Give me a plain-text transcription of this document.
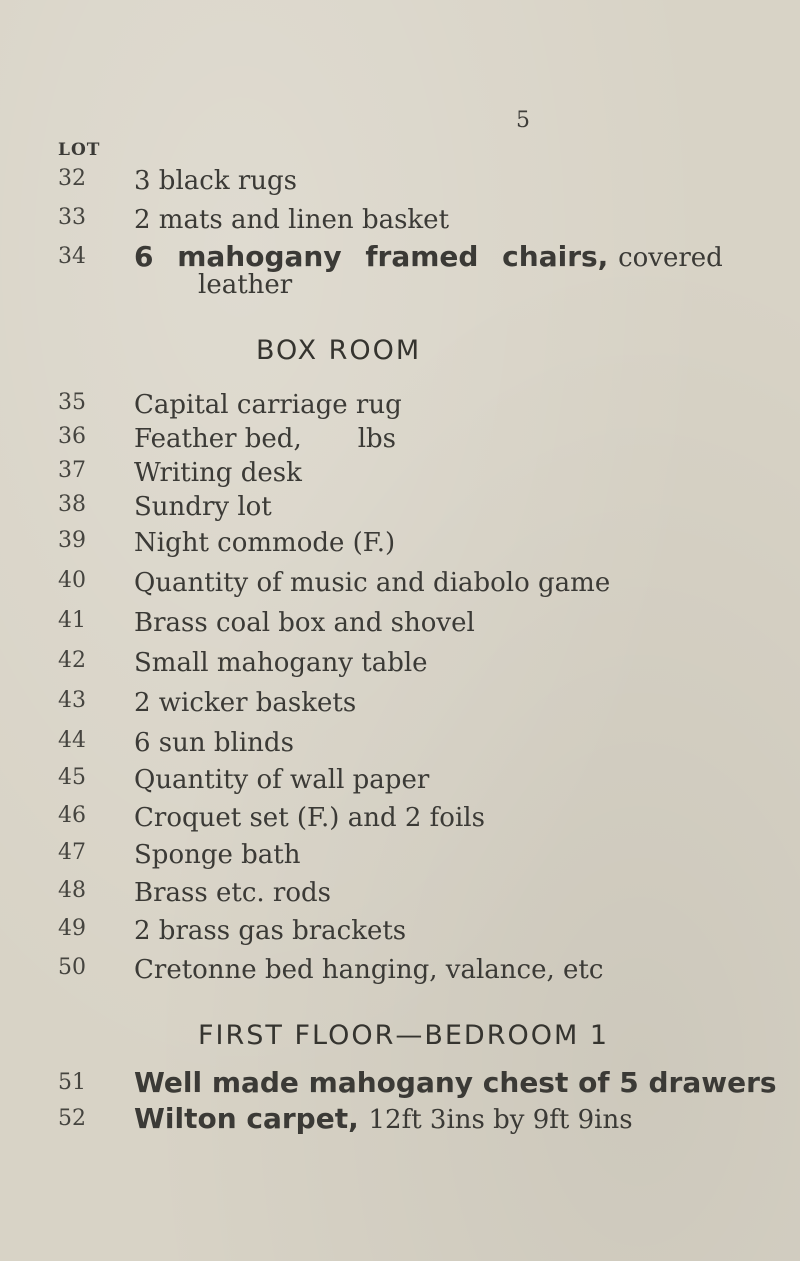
5
LOT
32	3 black rugs
33	2 mats and linen basket
34	6 mahogany framed chairs, covered
leather
BOX ROOM
35	Capital carriage rug
36	Feather bed, lbs
37	Writing desk
38	Sundry lot
39	Night commode (F.)
40	Quantity of music and diabolo game
41	Brass coal box and shovel
42	Small mahogany table
43	2 wicker baskets
44	6 sun blinds
45	Quantity of wall paper
46	Croquet set (F.) and 2 foils
47	Sponge bath
48	Brass etc. rods
49	2 brass gas brackets
50	Cretonne bed hanging, valance, etc
FIRST FLOOR—BEDROOM 1
51	Well made mahogany chest of 5 drawers
52	Wilton carpet, 12ft 3ins by 9ft 9ins
